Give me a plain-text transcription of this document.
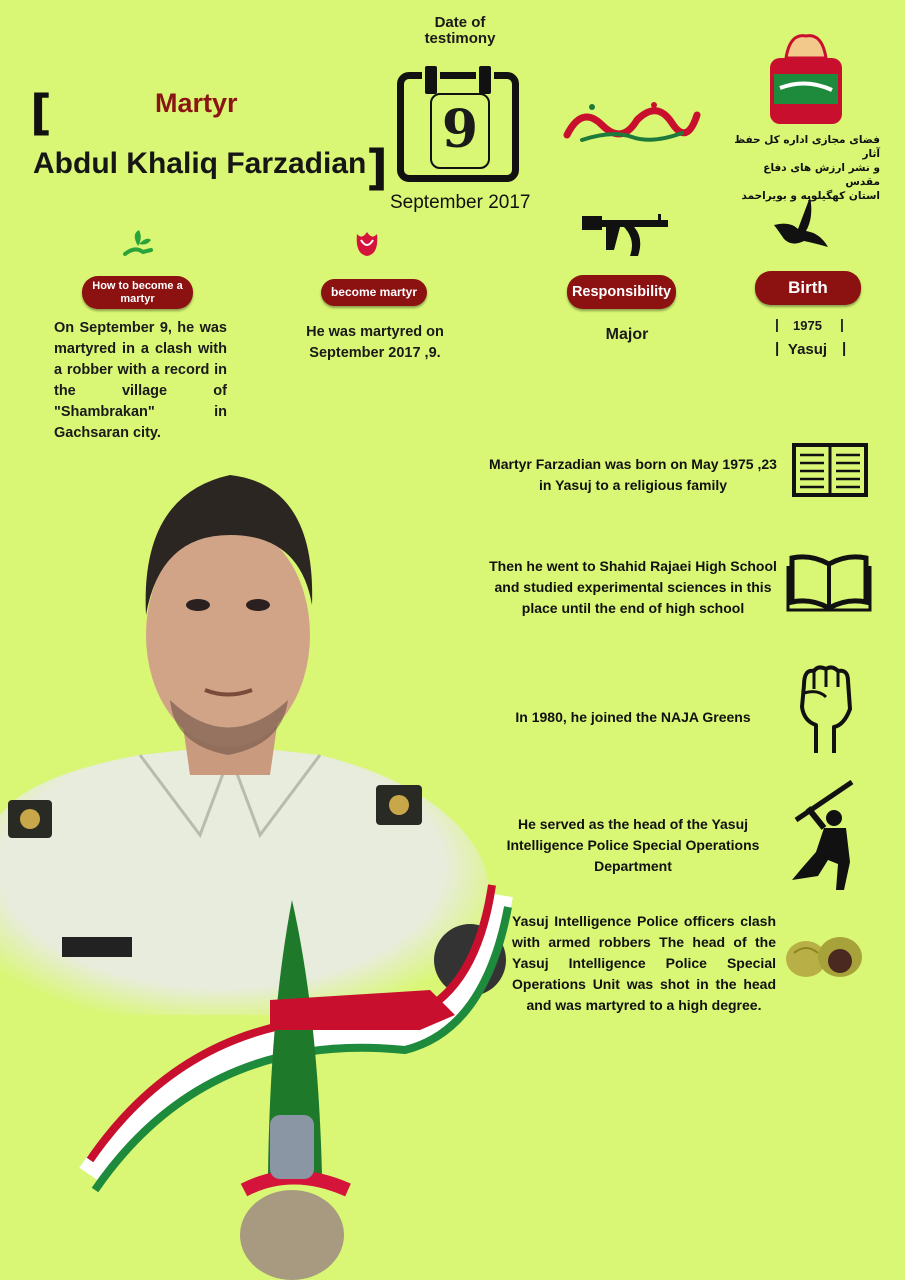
[	Martyr
Abdul Khaliq Farzadian ]
Date of testimony
9
September 2017
فضای مجازی اداره کل حفظ آثار
و نشر ارزش های دفاع مقدس
استان کهگیلویه و بویراحمد
How to become a martyr
On September 9, he was martyred in a clash with a robber with a record in the village of "Shambrakan" in Gachsaran city.
become martyr
He was martyred on September 2017 ,9.
Responsibility
Major
Birth
|	|
1975
|	|
Yasuj
Martyr Farzadian was born on May 1975 ,23 in Yasuj to a religious family
Then he went to Shahid Rajaei High School and studied experimental sciences in this place until the end of high school
In 1980, he joined the NAJA Greens
He served as the head of the Yasuj Intelligence Police Special Operations Department
Yasuj Intelligence Police officers clash with armed robbers The head of the Yasuj Intelligence Police Special Operations Unit was shot in the head and was martyred to a high degree.
